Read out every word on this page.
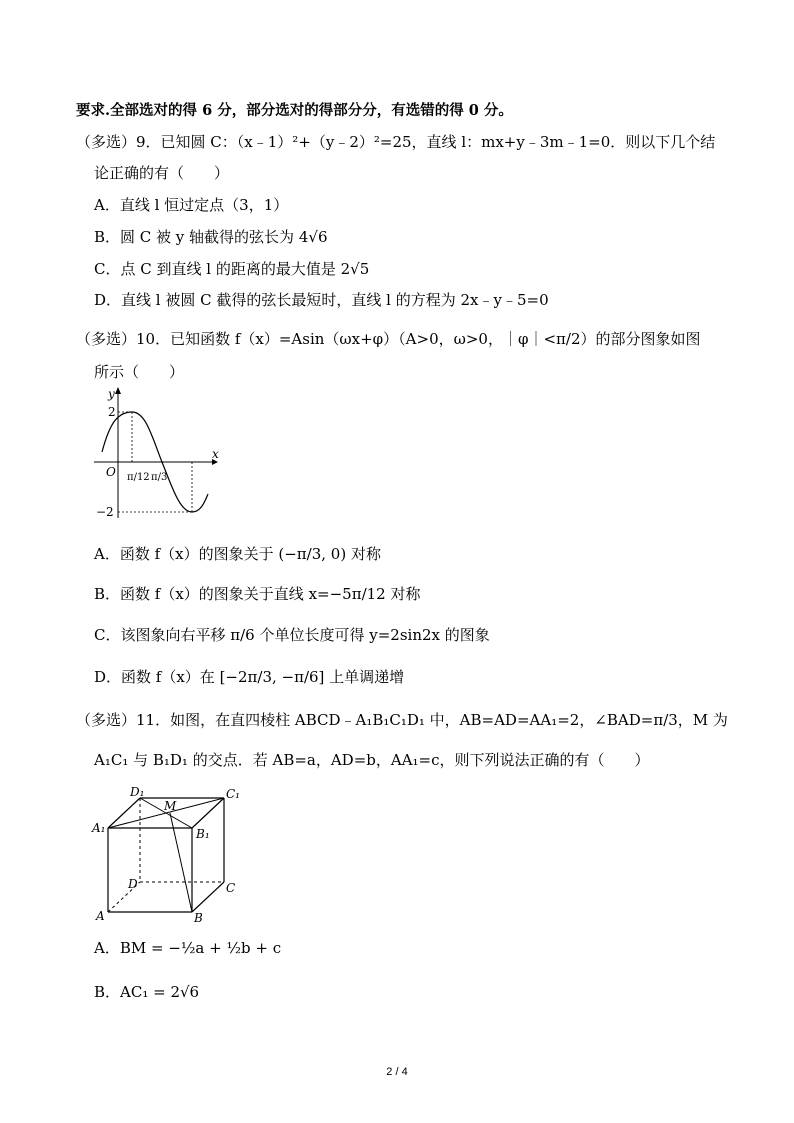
要求.全部选对的得 6 分，部分选对的得部分分，有选错的得 0 分。
（多选）9．已知圆 C：（x﹣1）²+（y﹣2）²=25，直线 l：mx+y﹣3m﹣1=0．则以下几个结
论正确的有（　　）
A．直线 l 恒过定点（3，1）
B．圆 C 被 y 轴截得的弦长为 4√6
C．点 C 到直线 l 的距离的最大值是 2√5
D．直线 l 被圆 C 截得的弦长最短时，直线 l 的方程为 2x﹣y﹣5=0
（多选）10．已知函数 f（x）=Asin（ωx+φ）（A>0，ω>0，｜φ｜<π/2）的部分图象如图
所示（　　）
y
x
O
2
−2
π/12 π/3
A．函数 f（x）的图象关于 (−π/3, 0) 对称
B．函数 f（x）的图象关于直线 x=−5π/12 对称
C．该图象向右平移 π/6 个单位长度可得 y=2sin2x 的图象
D．函数 f（x）在 [−2π/3, −π/6] 上单调递增
（多选）11．如图，在直四棱柱 ABCD﹣A₁B₁C₁D₁ 中，AB=AD=AA₁=2，∠BAD=π/3，M 为
A₁C₁ 与 B₁D₁ 的交点．若 AB=a，AD=b，AA₁=c，则下列说法正确的有（　　）
D₁	C₁
M
A₁	B₁
D	C
A	B
A．BM = −½a + ½b + c
B．AC₁ = 2√6
2 / 4
